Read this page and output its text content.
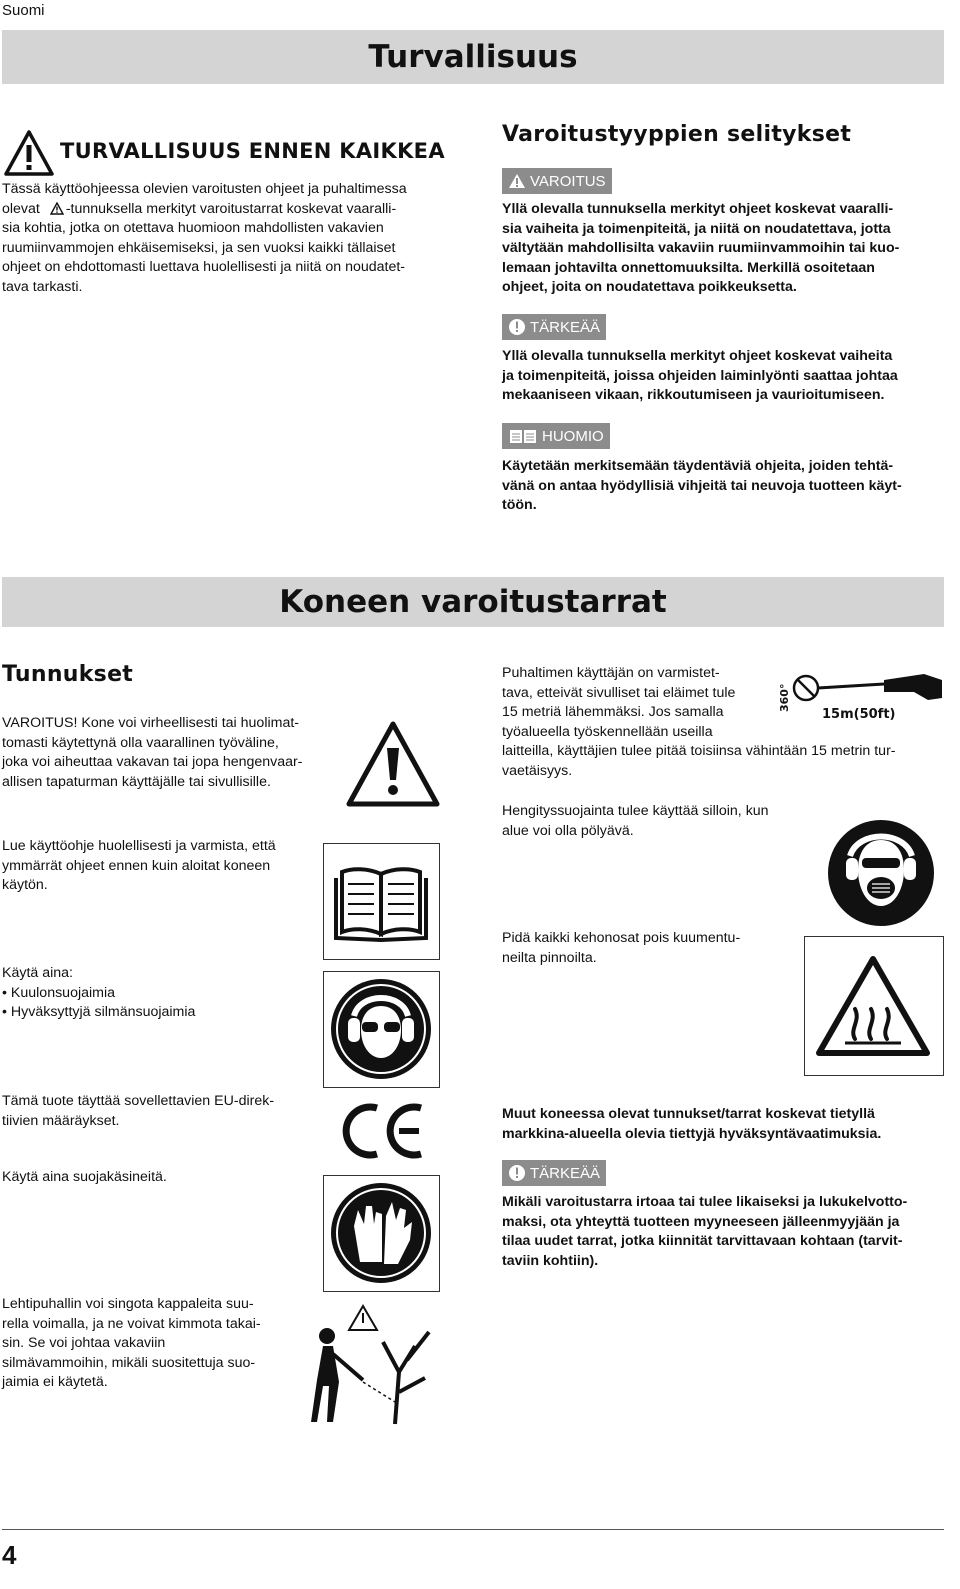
Suomi
Turvallisuus
TURVALLISUUS ENNEN KAIKKEA
Tässä käyttöohjeessa olevien varoitusten ohjeet ja puhaltimessa
olevat -tunnuksella merkityt varoitustarrat koskevat vaaralli-
sia kohtia, jotka on otettava huomioon mahdollisten vakavien
ruumiinvammojen ehkäisemiseksi, ja sen vuoksi kaikki tällaiset
ohjeet on ehdottomasti luettava huolellisesti ja niitä on noudatet-
tava tarkasti.
Varoitustyyppien selitykset
VAROITUS
Yllä olevalla tunnuksella merkityt ohjeet koskevat vaaralli-
sia vaiheita ja toimenpiteitä, ja niitä on noudatettava, jotta
vältytään mahdollisilta vakaviin ruumiinvammoihin tai kuo-
lemaan johtavilta onnettomuuksilta. Merkillä osoitetaan
ohjeet, joita on noudatettava poikkeuksetta.
TÄRKEÄÄ
Yllä olevalla tunnuksella merkityt ohjeet koskevat vaiheita
ja toimenpiteitä, joissa ohjeiden laiminlyönti saattaa johtaa
mekaaniseen vikaan, rikkoutumiseen ja vaurioitumiseen.
HUOMIO
Käytetään merkitsemään täydentäviä ohjeita, joiden tehtä-
vänä on antaa hyödyllisiä vihjeitä tai neuvoja tuotteen käyt-
töön.
Koneen varoitustarrat
Tunnukset
VAROITUS! Kone voi virheellisesti tai huolimat-
tomasti käytettynä olla vaarallinen työväline,
joka voi aiheuttaa vakavan tai jopa hengenvaar-
allisen tapaturman käyttäjälle tai sivullisille.
Lue käyttöohje huolellisesti ja varmista, että
ymmärrät ohjeet ennen kuin aloitat koneen
käytön.
Käytä aina:
• Kuulonsuojaimia
• Hyväksyttyjä silmänsuojaimia
Tämä tuote täyttää sovellettavien EU-direk-
tiivien määräykset.
Käytä aina suojakäsineitä.
Lehtipuhallin voi singota kappaleita suu-
rella voimalla, ja ne voivat kimmota takai-
sin. Se voi johtaa vakaviin
silmävammoihin, mikäli suositettuja suo-
jaimia ei käytetä.
Puhaltimen käyttäjän on varmistet-
tava, etteivät sivulliset tai eläimet tule
15 metriä lähemmäksi. Jos samalla
työalueella työskennellään useilla
laitteilla, käyttäjien tulee pitää toisiinsa vähintään 15 metrin tur-
vaetäisyys.
360°
15m(50ft)
Hengityssuojainta tulee käyttää silloin, kun
alue voi olla pölyävä.
Pidä kaikki kehonosat pois kuumentu-
neilta pinnoilta.
Muut koneessa olevat tunnukset/tarrat koskevat tietyllä
markkina-alueella olevia tiettyjä hyväksyntävaatimuksia.
TÄRKEÄÄ
Mikäli varoitustarra irtoaa tai tulee likaiseksi ja lukukelvotto-
maksi, ota yhteyttä tuotteen myyneeseen jälleenmyyjään ja
tilaa uudet tarrat, jotka kiinnität tarvittavaan kohtaan (tarvit-
taviin kohtiin).
4
